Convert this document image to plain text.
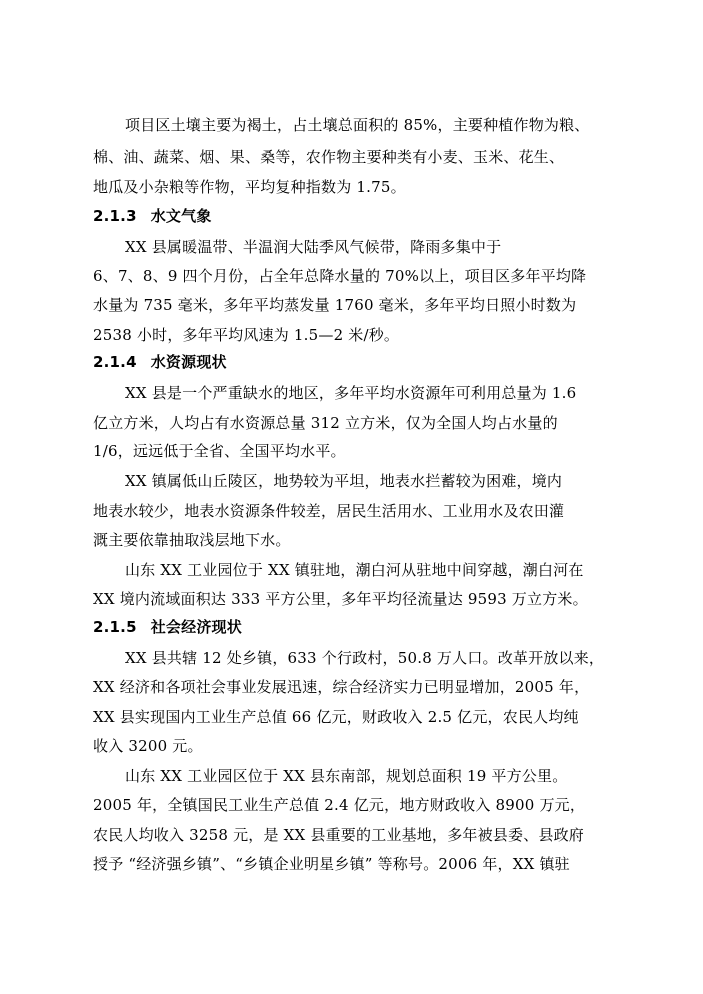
项目区土壤主要为褐土，占土壤总面积的 85%，主要种植作物为粮、
棉、油、蔬菜、烟、果、桑等，农作物主要种类有小麦、玉米、花生、
地瓜及小杂粮等作物，平均复种指数为 1.75。
2.1.3 水文气象
XX 县属暖温带、半温润大陆季风气候带，降雨多集中于
6、7、8、9 四个月份，占全年总降水量的 70%以上，项目区多年平均降
水量为 735 毫米，多年平均蒸发量 1760 毫米，多年平均日照小时数为
2538 小时，多年平均风速为 1.5—2 米/秒。
2.1.4 水资源现状
XX 县是一个严重缺水的地区，多年平均水资源年可利用总量为 1.6
亿立方米，人均占有水资源总量 312 立方米，仅为全国人均占水量的
1/6，远远低于全省、全国平均水平。
XX 镇属低山丘陵区，地势较为平坦，地表水拦蓄较为困难，境内
地表水较少，地表水资源条件较差，居民生活用水、工业用水及农田灌
溉主要依靠抽取浅层地下水。
山东 XX 工业园位于 XX 镇驻地，潮白河从驻地中间穿越，潮白河在
XX 境内流域面积达 333 平方公里，多年平均径流量达 9593 万立方米。
2.1.5 社会经济现状
XX 县共辖 12 处乡镇，633 个行政村，50.8 万人口。改革开放以来，
XX 经济和各项社会事业发展迅速，综合经济实力已明显增加，2005 年，
XX 县实现国内工业生产总值 66 亿元，财政收入 2.5 亿元，农民人均纯
收入 3200 元。
山东 XX 工业园区位于 XX 县东南部，规划总面积 19 平方公里。
2005 年，全镇国民工业生产总值 2.4 亿元，地方财政收入 8900 万元，
农民人均收入 3258 元，是 XX 县重要的工业基地，多年被县委、县政府
授予 “经济强乡镇”、“乡镇企业明星乡镇” 等称号。2006 年，XX 镇驻
